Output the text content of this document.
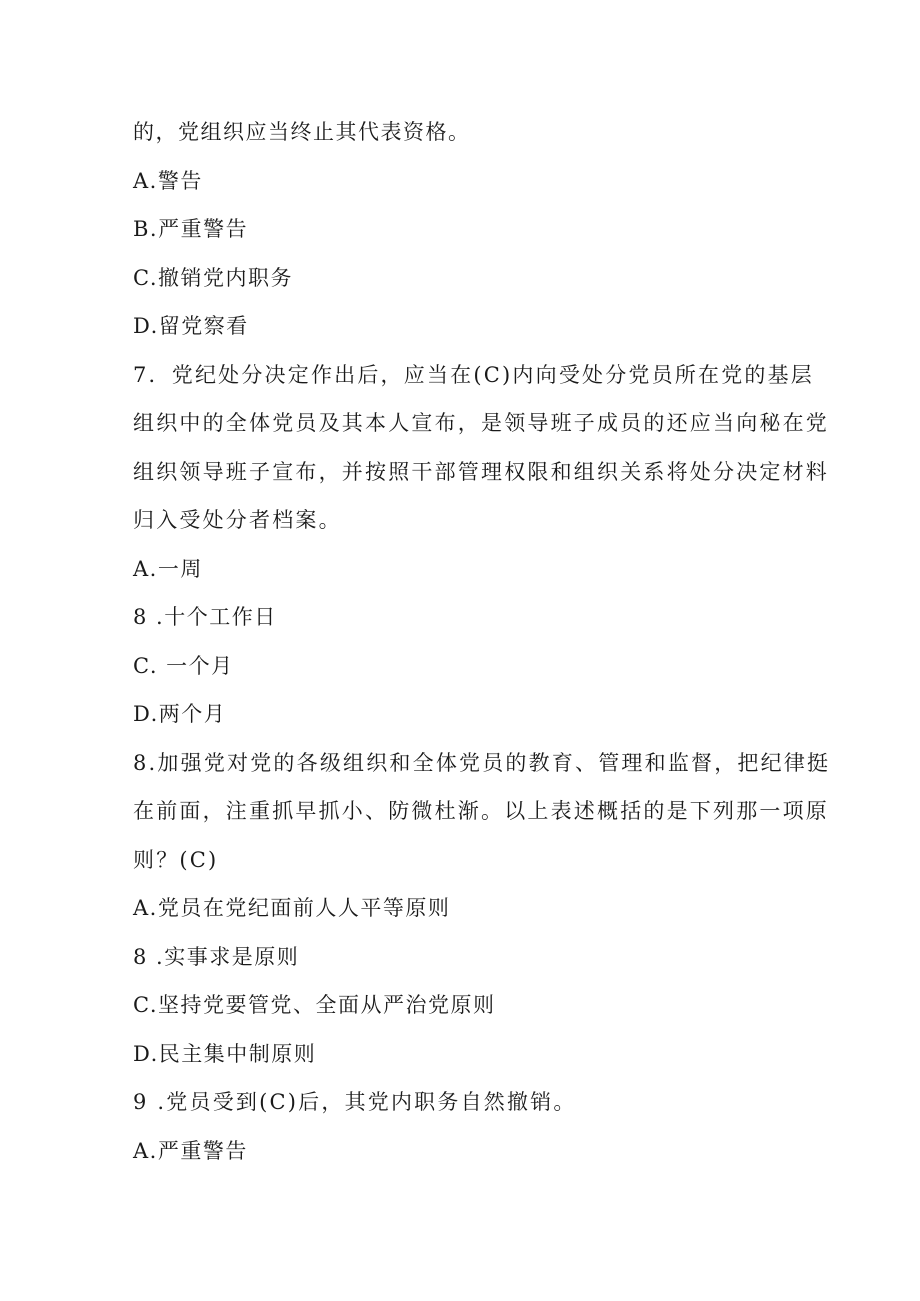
的，党组织应当终止其代表资格。
A.警告
B.严重警告
C.撤销党内职务
D.留党察看
7．党纪处分决定作出后，应当在(C)内向受处分党员所在党的基层
组织中的全体党员及其本人宣布，是领导班子成员的还应当向秘在党
组织领导班子宣布，并按照干部管理权限和组织关系将处分决定材料
归入受处分者档案。
A.一周
8 .十个工作日
C. 一个月
D.两个月
8.加强党对党的各级组织和全体党员的教育、管理和监督，把纪律挺
在前面，注重抓早抓小、防微杜渐。以上表述概括的是下列那一项原
则？(C)
A.党员在党纪面前人人平等原则
8 .实事求是原则
C.坚持党要管党、全面从严治党原则
D.民主集中制原则
9 .党员受到(C)后，其党内职务自然撤销。
A.严重警告
